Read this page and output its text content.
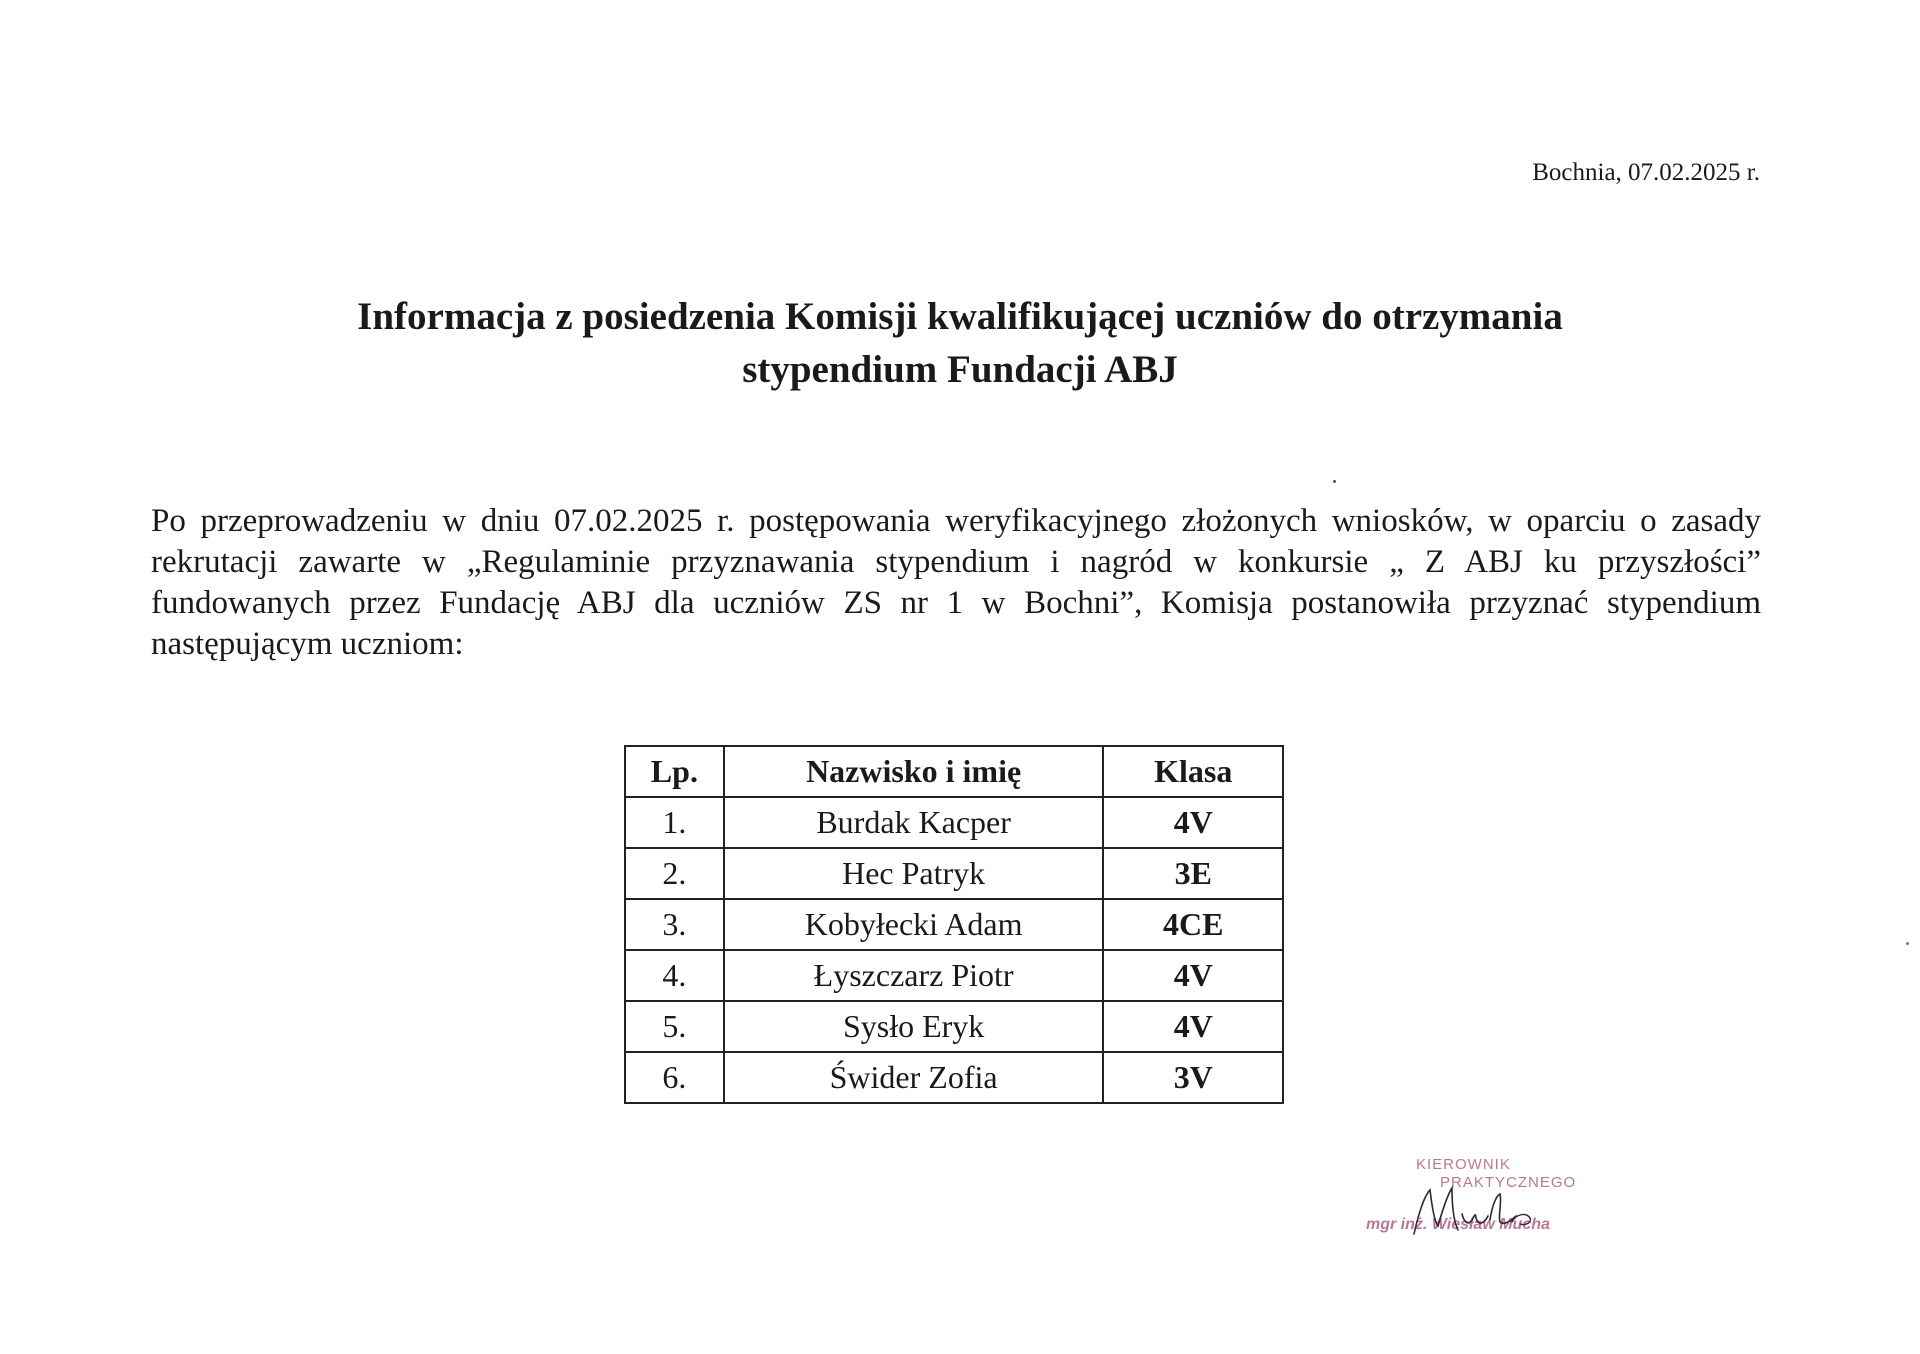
Bochnia, 07.02.2025 r.
Informacja z posiedzenia Komisji kwalifikującej uczniów do otrzymania
stypendium Fundacji ABJ
Po przeprowadzeniu w dniu 07.02.2025 r. postępowania weryfikacyjnego złożonych wniosków, w oparciu o zasady rekrutacji zawarte w „Regulaminie przyznawania stypendium i nagród w konkursie „ Z ABJ ku przyszłości” fundowanych przez Fundację ABJ dla uczniów ZS nr 1 w Bochni”, Komisja postanowiła przyznać stypendium następującym uczniom:
Lp.	Nazwisko i imię	Klasa
1.	Burdak Kacper	4V
2.	Hec Patryk	3E
3.	Kobyłecki Adam	4CE
4.	Łyszczarz Piotr	4V
5.	Sysło Eryk	4V
6.	Świder Zofia	3V
KIEROWNIK
PRAKTYCZNEGO
mgr inż. Wiesław Mucha
